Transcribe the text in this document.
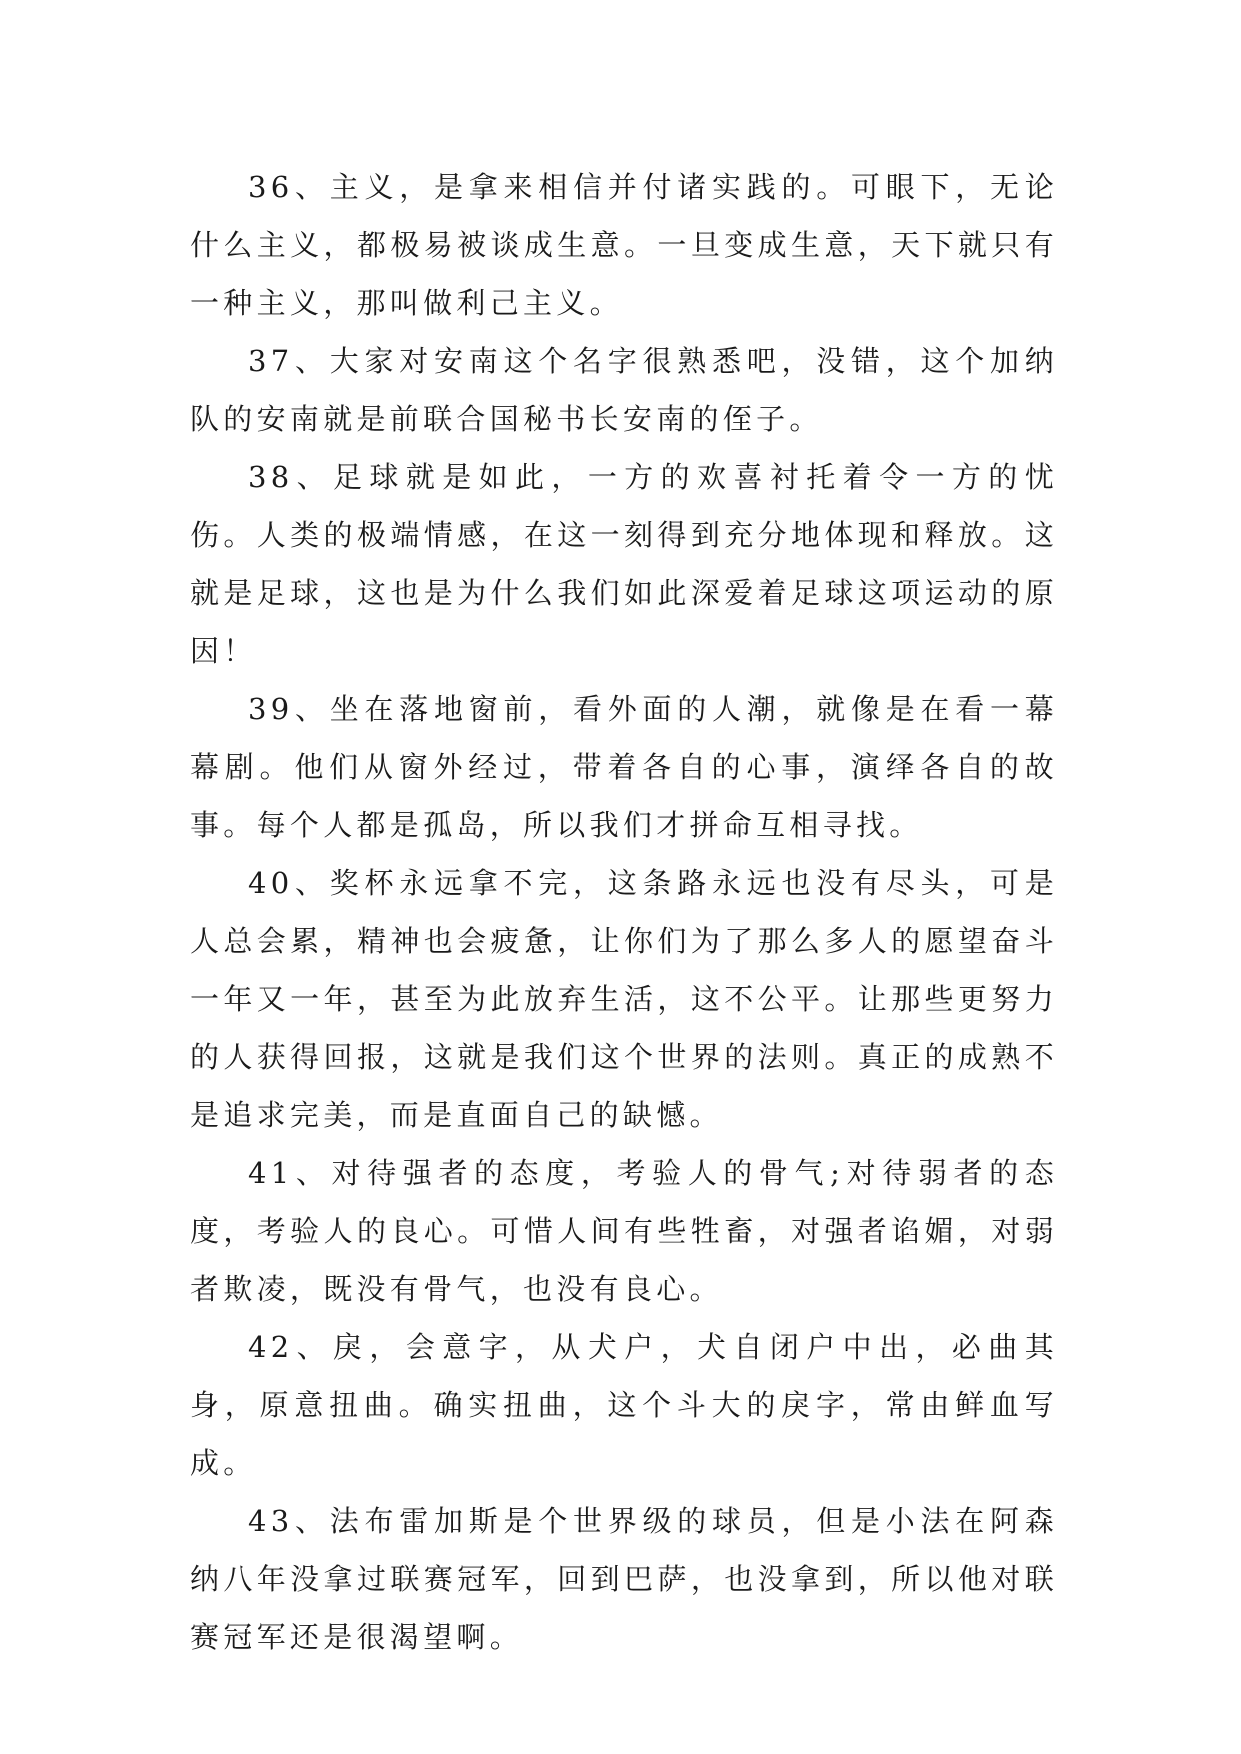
36、主义，是拿来相信并付诸实践的。可眼下，无论什么主义，都极易被谈成生意。一旦变成生意，天下就只有一种主义，那叫做利己主义。

37、大家对安南这个名字很熟悉吧，没错，这个加纳队的安南就是前联合国秘书长安南的侄子。

38、足球就是如此，一方的欢喜衬托着令一方的忧伤。人类的极端情感，在这一刻得到充分地体现和释放。这就是足球，这也是为什么我们如此深爱着足球这项运动的原因！

39、坐在落地窗前，看外面的人潮，就像是在看一幕幕剧。他们从窗外经过，带着各自的心事，演绎各自的故事。每个人都是孤岛，所以我们才拼命互相寻找。

40、奖杯永远拿不完，这条路永远也没有尽头，可是人总会累，精神也会疲惫，让你们为了那么多人的愿望奋斗一年又一年，甚至为此放弃生活，这不公平。让那些更努力的人获得回报，这就是我们这个世界的法则。真正的成熟不是追求完美，而是直面自己的缺憾。

41、对待强者的态度，考验人的骨气;对待弱者的态度，考验人的良心。可惜人间有些牲畜，对强者谄媚，对弱者欺凌，既没有骨气，也没有良心。

42、戾，会意字，从犬户，犬自闭户中出，必曲其身，原意扭曲。确实扭曲，这个斗大的戾字，常由鲜血写成。

43、法布雷加斯是个世界级的球员，但是小法在阿森纳八年没拿过联赛冠军，回到巴萨，也没拿到，所以他对联赛冠军还是很渴望啊。
